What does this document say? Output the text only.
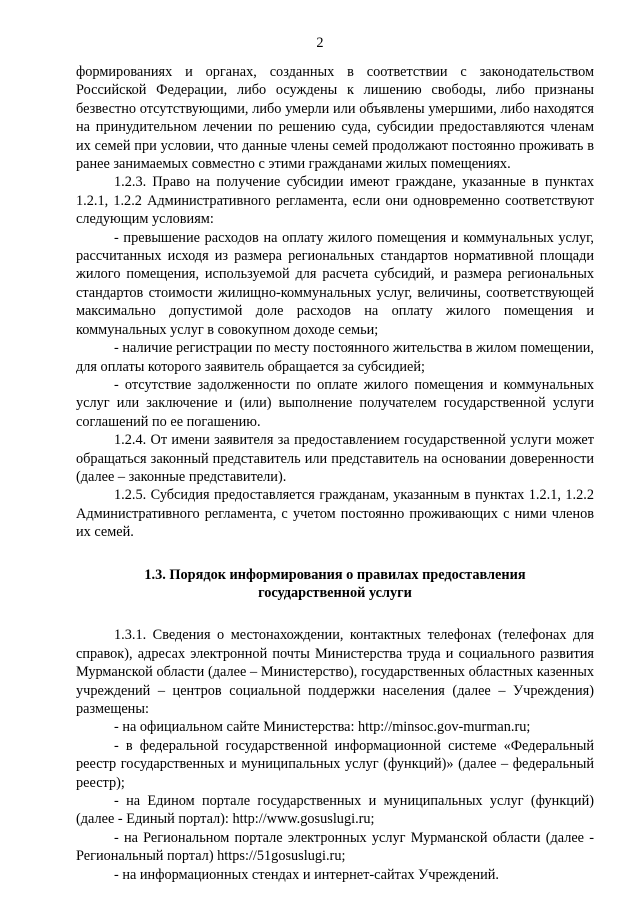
2

формированиях и органах, созданных в соответствии с законодательством Российской Федерации, либо осуждены к лишению свободы, либо признаны безвестно отсутствующими, либо умерли или объявлены умершими, либо находятся на принудительном лечении по решению суда, субсидии предоставляются членам их семей при условии, что данные члены семей продолжают постоянно проживать в ранее занимаемых совместно с этими гражданами жилых помещениях.

1.2.3. Право на получение субсидии имеют граждане, указанные в пунктах 1.2.1, 1.2.2 Административного регламента, если они одновременно соответствуют следующим условиям:

- превышение расходов на оплату жилого помещения и коммунальных услуг, рассчитанных исходя из размера региональных стандартов нормативной площади жилого помещения, используемой для расчета субсидий, и размера региональных стандартов стоимости жилищно-коммунальных услуг, величины, соответствующей максимально допустимой доле расходов на оплату жилого помещения и коммунальных услуг в совокупном доходе семьи;

- наличие регистрации по месту постоянного жительства в жилом помещении, для оплаты которого заявитель обращается за субсидией;

- отсутствие задолженности по оплате жилого помещения и коммунальных услуг или заключение и (или) выполнение получателем государственной услуги соглашений по ее погашению.

1.2.4. От имени заявителя за предоставлением государственной услуги может обращаться законный представитель или представитель на основании доверенности (далее – законные представители).

1.2.5. Субсидия предоставляется гражданам, указанным в пунктах 1.2.1, 1.2.2 Административного регламента, с учетом постоянно проживающих с ними членов их семей.

1.3. Порядок информирования о правилах предоставления
государственной услуги

1.3.1. Сведения о местонахождении, контактных телефонах (телефонах для справок), адресах электронной почты Министерства труда и социального развития Мурманской области (далее – Министерство), государственных областных казенных учреждений – центров социальной поддержки населения (далее – Учреждения) размещены:

- на официальном сайте Министерства: http://minsoc.gov-murman.ru;

- в федеральной государственной информационной системе «Федеральный реестр государственных и муниципальных услуг (функций)» (далее – федеральный реестр);

- на Едином портале государственных и муниципальных услуг (функций) (далее - Единый портал): http://www.gosuslugi.ru;

- на Региональном портале электронных услуг Мурманской области (далее - Региональный портал) https://51gosuslugi.ru;

- на информационных стендах и интернет-сайтах Учреждений.
